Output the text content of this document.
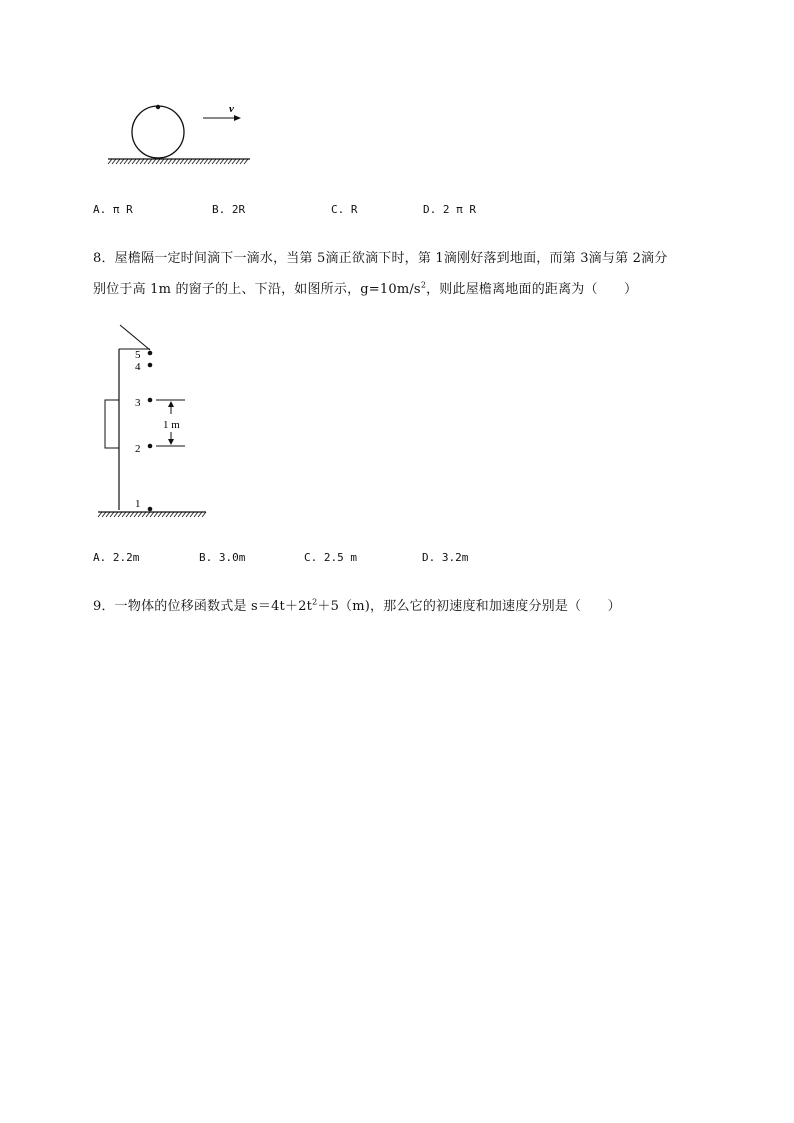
v
A. π R	B. 2R	C. R	D. 2 π R
8．屋檐隔一定时间滴下一滴水，当第 5滴正欲滴下时，第 1滴刚好落到地面，而第 3滴与第 2滴分
别位于高 1m 的窗子的上、下沿，如图所示，$g=10m/s^2$，则此屋檐离地面的距离为（　　）
5
4
3
2
1
1 m
A. 2.2m	B. 3.0m	C. 2.5 m	D. 3.2m
9．一物体的位移函数式是 $s=4t+2t^2+5(m)$，那么它的初速度和加速度分别是（　　）
